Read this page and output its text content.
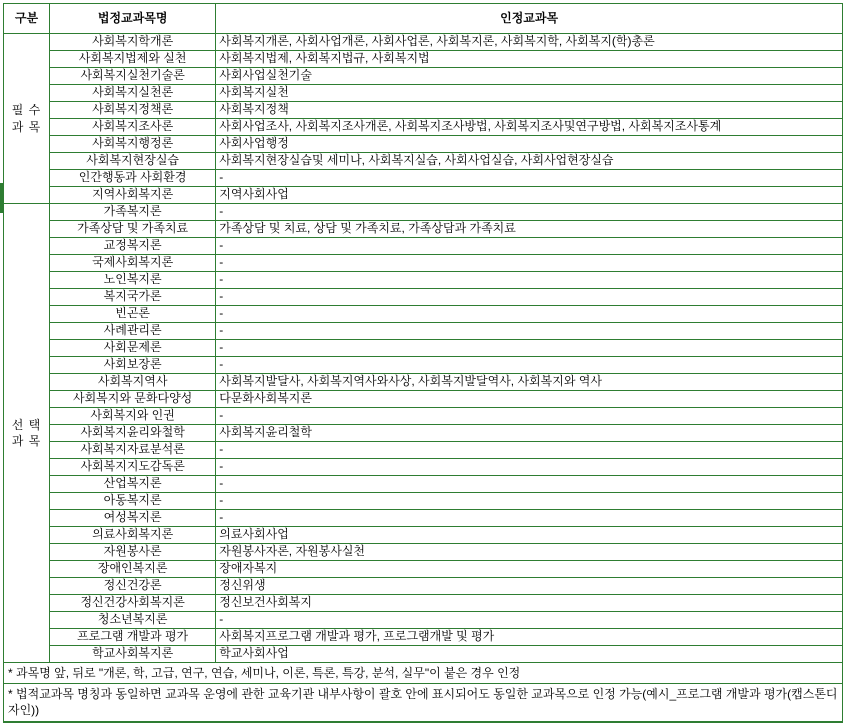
구분	법정교과목명	인정교과목

필 수 과 목	사회복지학개론	사회복지개론, 사회사업개론, 사회사업론, 사회복지론, 사회복지학, 사회복지(학)총론
	사회복지법제와 실천	사회복지법제, 사회복지법규, 사회복지법
	사회복지실천기술론	사회사업실천기술
	사회복지실천론	사회복지실천
	사회복지정책론	사회복지정책
	사회복지조사론	사회사업조사, 사회복지조사개론, 사회복지조사방법, 사회복지조사및연구방법, 사회복지조사통계
	사회복지행정론	사회사업행정
	사회복지현장실습	사회복지현장실습및 세미나, 사회복지실습, 사회사업실습, 사회사업현장실습
	인간행동과 사회환경	-
	지역사회복지론	지역사회사업

선 택 과 목	가족복지론	-
	가족상담 및 가족치료	가족상담 및 치료, 상담 및 가족치료, 가족상담과 가족치료
	교정복지론	-
	국제사회복지론	-
	노인복지론	-
	복지국가론	-
	빈곤론	-
	사례관리론	-
	사회문제론	-
	사회보장론	-
	사회복지역사	사회복지발달사, 사회복지역사와사상, 사회복지발달역사, 사회복지와 역사
	사회복지와 문화다양성	다문화사회복지론
	사회복지와 인권	-
	사회복지윤리와철학	사회복지윤리철학
	사회복지자료분석론	-
	사회복지지도감독론	-
	산업복지론	-
	아동복지론	-
	여성복지론	-
	의료사회복지론	의료사회사업
	자원봉사론	자원봉사자론, 자원봉사실천
	장애인복지론	장애자복지
	정신건강론	정신위생
	정신건강사회복지론	정신보건사회복지
	청소년복지론	-
	프로그램 개발과 평가	사회복지프로그램 개발과 평가, 프로그램개발 및 평가
	학교사회복지론	학교사회사업
* 과목명 앞, 뒤로 "개론, 학, 고급, 연구, 연습, 세미나, 이론, 특론, 특강, 분석, 실무"이 붙은 경우 인정
* 법적교과목 명칭과 동일하면 교과목 운영에 관한 교육기관 내부사항이 괄호 안에 표시되어도 동일한 교과목으로 인정 가능(예시_프로그램 개발과 평가(캡스톤디자인))
